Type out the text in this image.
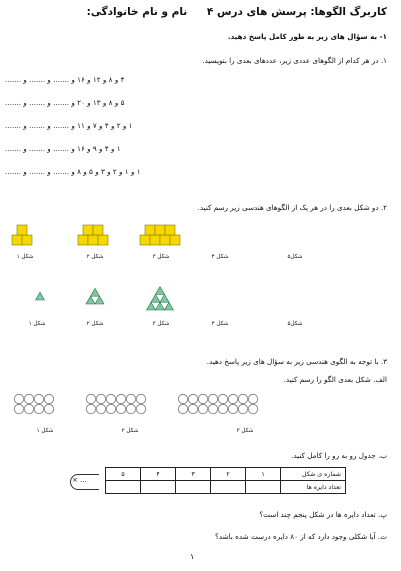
کاربرگ الگوها: پرسش های درس ۴ نام و نام خانوادگی:
۱- به سؤال های زیر به طور کامل پاسخ دهید.
۱. در هر کدام از الگوهای عددی زیر، عددهای بعدی را بنویسید.
۴ و ۸ و ۱۲ و ۱۶ و ....... و ....... و .......
۵ و ۸ و ۱۳ و ۲۰ و ....... و ....... و .......
۱ و ۲ و ۴ و ۷ و ۱۱ و ....... و ....... و .......
۱ و ۴ و ۹ و ۱۶ و ....... و ....... و .......
۱ و ۱ و ۲ و ۳ و ۵ و ۸ و ....... و ....... و .......
۲. دو شکل بعدی را در هر یک از الگوهای هندسی زیر رسم کنید.
شکل ۱	شکل ۲	شکل ۳	شکل ۴	شکل۵
شکل ۱	شکل ۲	شکل ۳	شکل ۴	شکل۵
۳. با توجه به الگوی هندسی زیر به سؤال های زیر پاسخ دهید.
الف. شکل بعدی الگو را رسم کنید.
شکل ۱	شکل ۲	شکل ۳
ب. جدول رو به رو را کامل کنید.
۵	۴	۳	۲	۱	شماره ی شکل
					تعداد دایره ها
× ...
پ. تعداد دایره ها در شکل پنجم چند است؟
ت. آیا شکلی وجود دارد که از ۸۰ دایره درست شده باشد؟
۱
